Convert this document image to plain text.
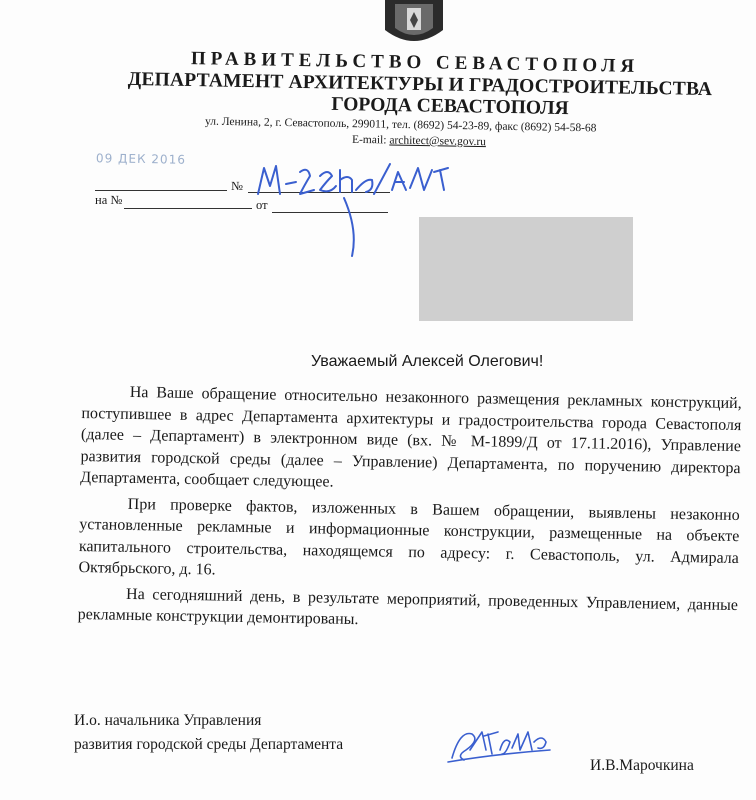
ПРАВИТЕЛЬСТВО СЕВАСТОПОЛЯ
ДЕПАРТАМЕНТ АРХИТЕКТУРЫ И ГРАДОСТРОИТЕЛЬСТВА
ГОРОДА СЕВАСТОПОЛЯ
ул. Ленина, 2, г. Севастополь, 299011, тел. (8692) 54-23-89, факс (8692) 54-58-68
E-mail: architect@sev.gov.ru
09 ДЕК 2016
№
на №	от
Уважаемый Алексей Олегович!

На Ваше обращение относительно незаконного размещения рекламных конструкций, поступившее в адрес Департамента архитектуры и градостроительства города Севастополя (далее – Департамент) в электронном виде (вх. № М-1899/Д от 17.11.2016), Управление развития городской среды (далее – Управление) Департамента, по поручению директора Департамента, сообщает следующее.

При проверке фактов, изложенных в Вашем обращении, выявлены незаконно установленные рекламные и информационные конструкции, размещенные на объекте капитального строительства, находящемся по адресу: г. Севастополь, ул. Адмирала Октябрьского, д. 16.

На сегодняшний день, в результате мероприятий, проведенных Управлением, данные рекламные конструкции демонтированы.

И.о. начальника Управления
развития городской среды Департамента
И.В.Марочкина
